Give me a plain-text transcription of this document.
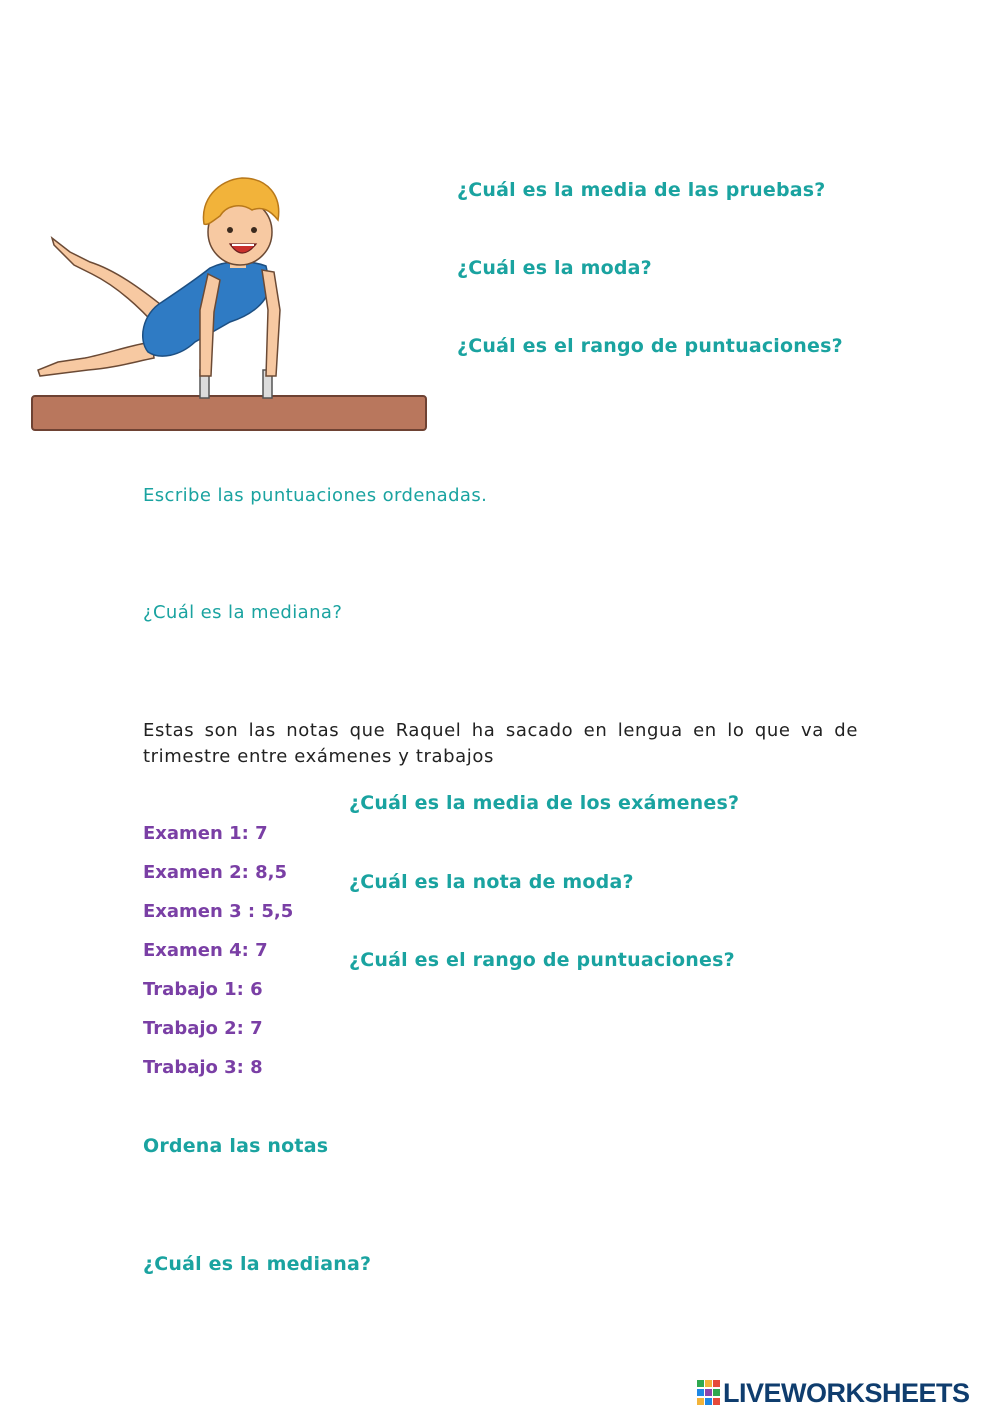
¿Cuál es la media de las pruebas?

¿Cuál es la moda?

¿Cuál es el rango de puntuaciones?

Escribe las puntuaciones ordenadas.

¿Cuál es la mediana?

Estas son las notas que Raquel ha sacado en lengua en lo que va de
trimestre entre exámenes y trabajos

Examen 1: 7

Examen 2: 8,5

Examen 3 : 5,5

Examen 4: 7

Trabajo 1: 6

Trabajo 2: 7

Trabajo 3: 8

¿Cuál es la media de los exámenes?

¿Cuál es la nota de moda?

¿Cuál es el rango de puntuaciones?

Ordena las notas

¿Cuál es la mediana?

LIVEWORKSHEETS
